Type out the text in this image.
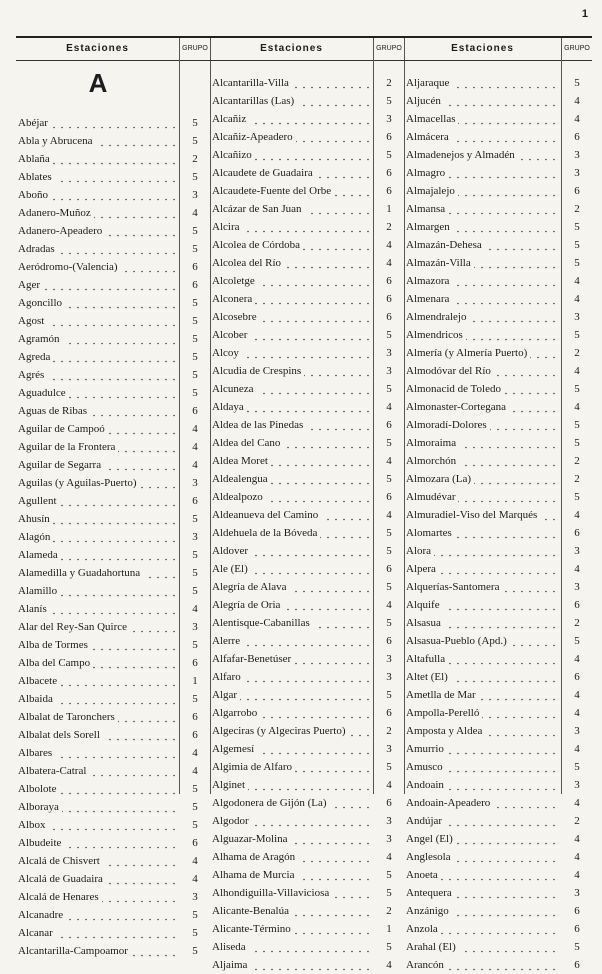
1
Estaciones	GRUPO
A
Abéjar	5
Abla y Abrucena	5
Ablaña	2
Ablates	5
Aboño	3
Adanero-Muñoz	4
Adanero-Apeadero	5
Adradas	5
Aeródromo-(Valencia)	6
Ager	6
Agoncillo	5
Agost	5
Agramón	5
Agreda	5
Agrés	5
Aguadulce	5
Aguas de Ribas	6
Aguilar de Campoó	4
Aguilar de la Frontera	4
Aguilar de Segarra	4
Aguilas (y Aguilas-Puerto)	3
Agullent	6
Ahusín	5
Alagón	3
Alameda	5
Alamedilla y Guadahortuna	5
Alamillo	5
Alanís	4
Alar del Rey-San Quirce	3
Alba de Tormes	5
Alba del Campo	6
Albacete	1
Albaida	5
Albalat de Taronchers	6
Albalat dels Sorell	6
Albares	4
Albatera-Catral	4
Albolote	5
Alboraya	5
Albox	5
Albudeite	6
Alcalá de Chisvert	4
Alcalá de Guadaira	4
Alcalá de Henares	3
Alcanadre	5
Alcanar	5
Alcantarilla-Campoamor	5
Estaciones	GRUPO
Alcantarilla-Villa	2
Alcantarillas (Las)	5
Alcañiz	3
Alcañiz-Apeadero	6
Alcañizo	5
Alcaudete de Guadaira	6
Alcaudete-Fuente del Orbe	6
Alcázar de San Juan	1
Alcira	2
Alcolea de Córdoba	4
Alcolea del Río	4
Alcoletge	6
Alconera	6
Alcosebre	6
Alcober	5
Alcoy	3
Alcudia de Crespins	3
Alcuneza	5
Aldaya	4
Aldea de las Pinedas	6
Aldea del Cano	5
Aldea Moret	4
Aldealengua	5
Aldealpozo	6
Aldeanueva del Camino	4
Aldehuela de la Bóveda	5
Aldover	5
Ale (El)	6
Alegría de Alava	5
Alegría de Oria	4
Alentisque-Cabanillas	5
Alerre	6
Alfafar-Benetúser	3
Alfaro	3
Algar	5
Algarrobo	6
Algeciras (y Algeciras Puerto)	2
Algemesí	3
Algimia de Alfaro	5
Alginet	4
Algodonera de Gijón (La)	6
Algodor	3
Alguazar-Molina	3
Alhama de Aragón	4
Alhama de Murcia	5
Alhondiguilla-Villaviciosa	5
Alicante-Benalúa	2
Alicante-Término	1
Aliseda	5
Aljaima	4
Estaciones	GRUPO
Aljaraque	5
Aljucén	4
Almacellas	4
Almácera	6
Almadenejos y Almadén	3
Almagro	3
Almajalejo	6
Almansa	2
Almargen	5
Almazán-Dehesa	5
Almazán-Villa	5
Almazora	4
Almenara	4
Almendralejo	3
Almendricos	5
Almería (y Almería Puerto)	2
Almodóvar del Río	4
Almonacid de Toledo	5
Almonaster-Cortegana	4
Almoradí-Dolores	5
Almoraima	5
Almorchón	2
Almozara (La)	2
Almudévar	5
Almuradiel-Viso del Marqués	4
Alomartes	6
Alora	3
Alpera	4
Alquerías-Santomera	3
Alquife	6
Alsasua	2
Alsasua-Pueblo (Apd.)	5
Altafulla	4
Altet (El)	6
Ametlla de Mar	4
Ampolla-Perelló	4
Amposta y Aldea	3
Amurrio	4
Amusco	5
Andoain	3
Andoain-Apeadero	4
Andújar	2
Angel (El)	4
Anglesola	4
Anoeta	4
Antequera	3
Anzánigo	6
Anzola	6
Arahal (El)	5
Arancón	6
